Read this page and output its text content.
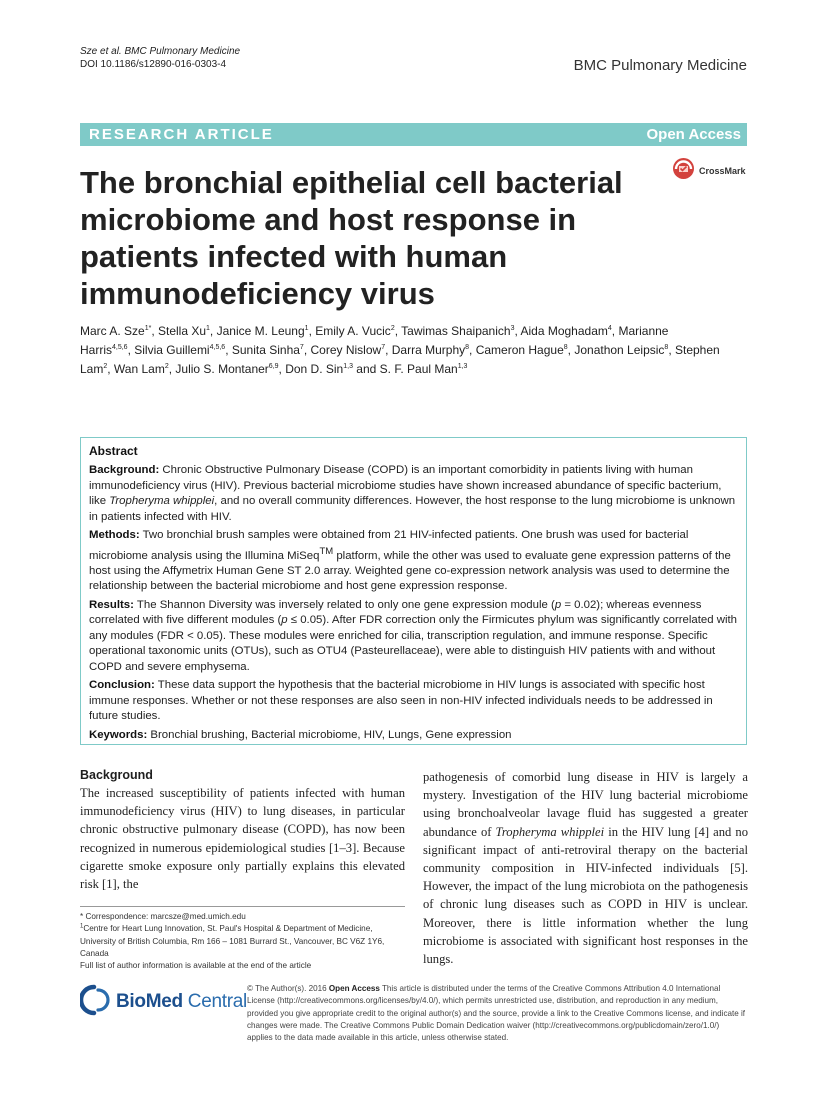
Sze et al. BMC Pulmonary Medicine
DOI 10.1186/s12890-016-0303-4	BMC Pulmonary Medicine
RESEARCH ARTICLE	Open Access
CrossMark
The bronchial epithelial cell bacterial microbiome and host response in patients infected with human immunodeficiency virus
Marc A. Sze$^{1*}$, Stella Xu$^1$, Janice M. Leung$^1$, Emily A. Vucic$^2$, Tawimas Shaipanich$^3$, Aida Moghadam$^4$, Marianne Harris$^{4,5,6}$, Silvia Guillemi$^{4,5,6}$, Sunita Sinha$^7$, Corey Nislow$^7$, Darra Murphy$^8$, Cameron Hague$^8$, Jonathon Leipsic$^8$, Stephen Lam$^2$, Wan Lam$^2$, Julio S. Montaner$^{6,9}$, Don D. Sin$^{1,3}$ and S. F. Paul Man$^{1,3}$
Abstract

Background: Chronic Obstructive Pulmonary Disease (COPD) is an important comorbidity in patients living with human immunodeficiency virus (HIV). Previous bacterial microbiome studies have shown increased abundance of specific bacterium, like Tropheryma whipplei, and no overall community differences. However, the host response to the lung microbiome is unknown in patients infected with HIV.

Methods: Two bronchial brush samples were obtained from 21 HIV-infected patients. One brush was used for bacterial microbiome analysis using the Illumina MiSeq™ platform, while the other was used to evaluate gene expression patterns of the host using the Affymetrix Human Gene ST 2.0 array. Weighted gene co-expression network analysis was used to determine the relationship between the bacterial microbiome and host gene expression response.

Results: The Shannon Diversity was inversely related to only one gene expression module (p = 0.02); whereas evenness correlated with five different modules (p ≤ 0.05). After FDR correction only the Firmicutes phylum was significantly correlated with any modules (FDR < 0.05). These modules were enriched for cilia, transcription regulation, and immune response. Specific operational taxonomic units (OTUs), such as OTU4 (Pasteurellaceae), were able to distinguish HIV patients with and without COPD and severe emphysema.

Conclusion: These data support the hypothesis that the bacterial microbiome in HIV lungs is associated with specific host immune responses. Whether or not these responses are also seen in non-HIV infected individuals needs to be addressed in future studies.

Keywords: Bronchial brushing, Bacterial microbiome, HIV, Lungs, Gene expression

Background

The increased susceptibility of patients infected with human immunodeficiency virus (HIV) to lung diseases, in particular chronic obstructive pulmonary disease (COPD), has now been recognized in numerous epidemiological studies [1–3]. Because cigarette smoke exposure only partially explains this elevated risk [1], the

pathogenesis of comorbid lung disease in HIV is largely a mystery. Investigation of the HIV lung bacterial microbiome using bronchoalveolar lavage fluid has suggested a greater abundance of Tropheryma whipplei in the HIV lung [4] and no significant impact of anti-retroviral therapy on the bacterial community composition in HIV-infected individuals [5]. However, the impact of the lung microbiota on the pathogenesis of chronic lung diseases such as COPD in HIV is unclear. Moreover, there is little information whether the lung microbiome is associated with significant host responses in the lungs.

* Correspondence: marcsze@med.umich.edu
$^1$Centre for Heart Lung Innovation, St. Paul's Hospital & Department of Medicine, University of British Columbia, Rm 166 – 1081 Burrard St., Vancouver, BC V6Z 1Y6, Canada
Full list of author information is available at the end of the article
BioMed Central
© The Author(s). 2016 Open Access This article is distributed under the terms of the Creative Commons Attribution 4.0 International License (http://creativecommons.org/licenses/by/4.0/), which permits unrestricted use, distribution, and reproduction in any medium, provided you give appropriate credit to the original author(s) and the source, provide a link to the Creative Commons license, and indicate if changes were made. The Creative Commons Public Domain Dedication waiver (http://creativecommons.org/publicdomain/zero/1.0/) applies to the data made available in this article, unless otherwise stated.
